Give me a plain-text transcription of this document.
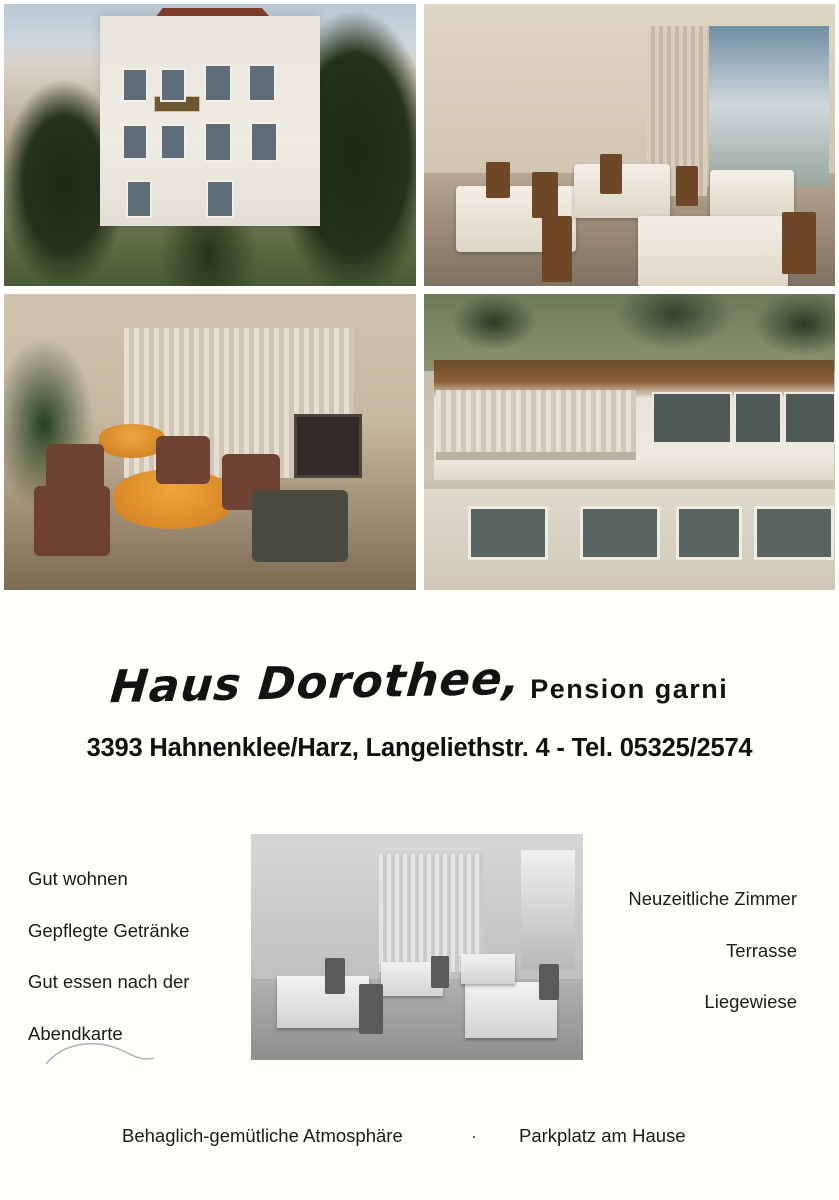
Haus Dorothee, Pension garni
3393 Hahnenklee/Harz, Langeliethstr. 4 - Tel. 05325/2574
Gut wohnen
Gepflegte Getränke
Gut essen nach der
Abendkarte
Neuzeitliche Zimmer
Terrasse
Liegewiese
Behaglich-gemütliche Atmosphäre	· Parkplatz am Hause
